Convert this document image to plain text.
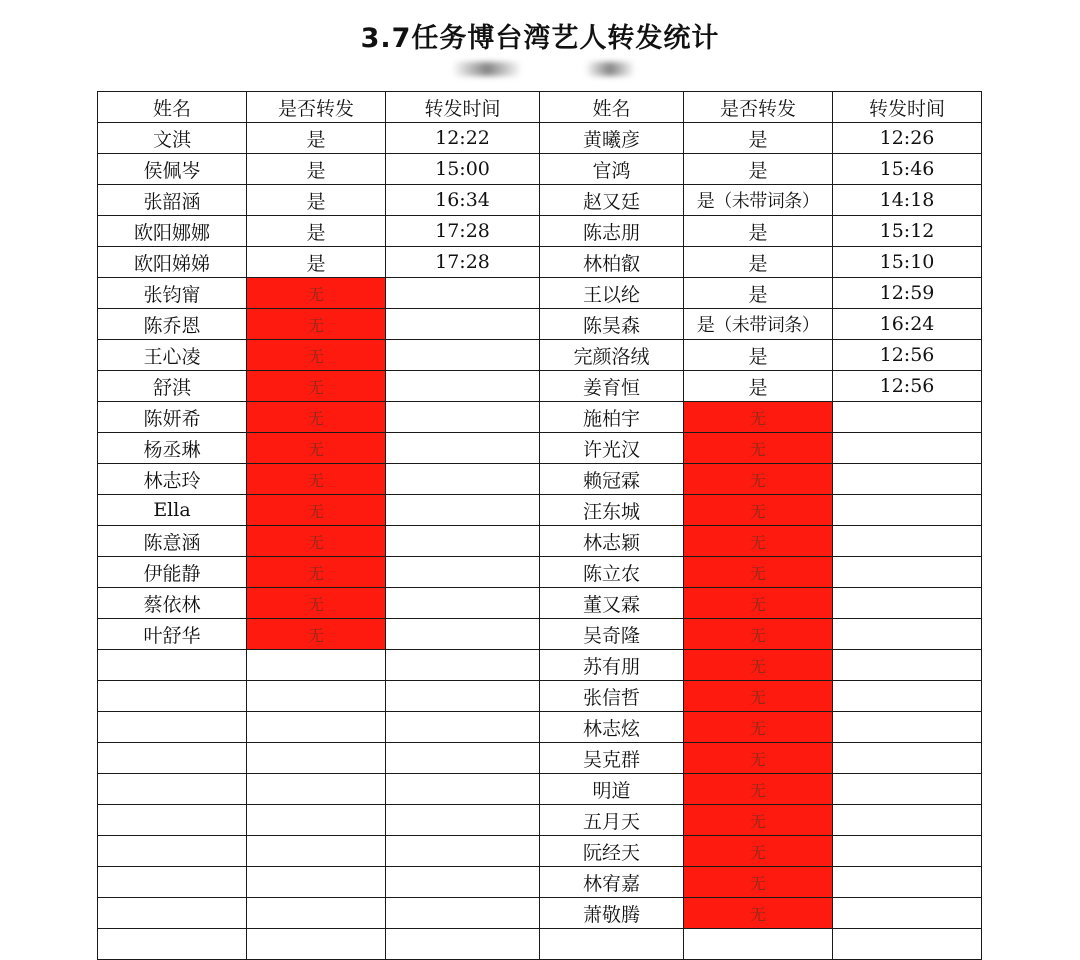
3.7任务博台湾艺人转发统计
姓名	是否转发	转发时间	姓名	是否转发	转发时间
文淇	是	12:22	黄曦彦	是	12:26
侯佩岑	是	15:00	官鸿	是	15:46
张韶涵	是	16:34	赵又廷	是（未带词条）	14:18
欧阳娜娜	是	17:28	陈志朋	是	15:12
欧阳娣娣	是	17:28	林柏叡	是	15:10
张钧甯	无		王以纶	是	12:59
陈乔恩	无		陈昊森	是（未带词条）	16:24
王心凌	无		完颜洛绒	是	12:56
舒淇	无		姜育恒	是	12:56
陈妍希	无		施柏宇	无	
杨丞琳	无		许光汉	无	
林志玲	无		赖冠霖	无	
Ella	无		汪东城	无	
陈意涵	无		林志颖	无	
伊能静	无		陈立农	无	
蔡依林	无		董又霖	无	
叶舒华	无		吴奇隆	无	
			苏有朋	无	
			张信哲	无	
			林志炫	无	
			吴克群	无	
			明道	无	
			五月天	无	
			阮经天	无	
			林宥嘉	无	
			萧敬腾	无	
